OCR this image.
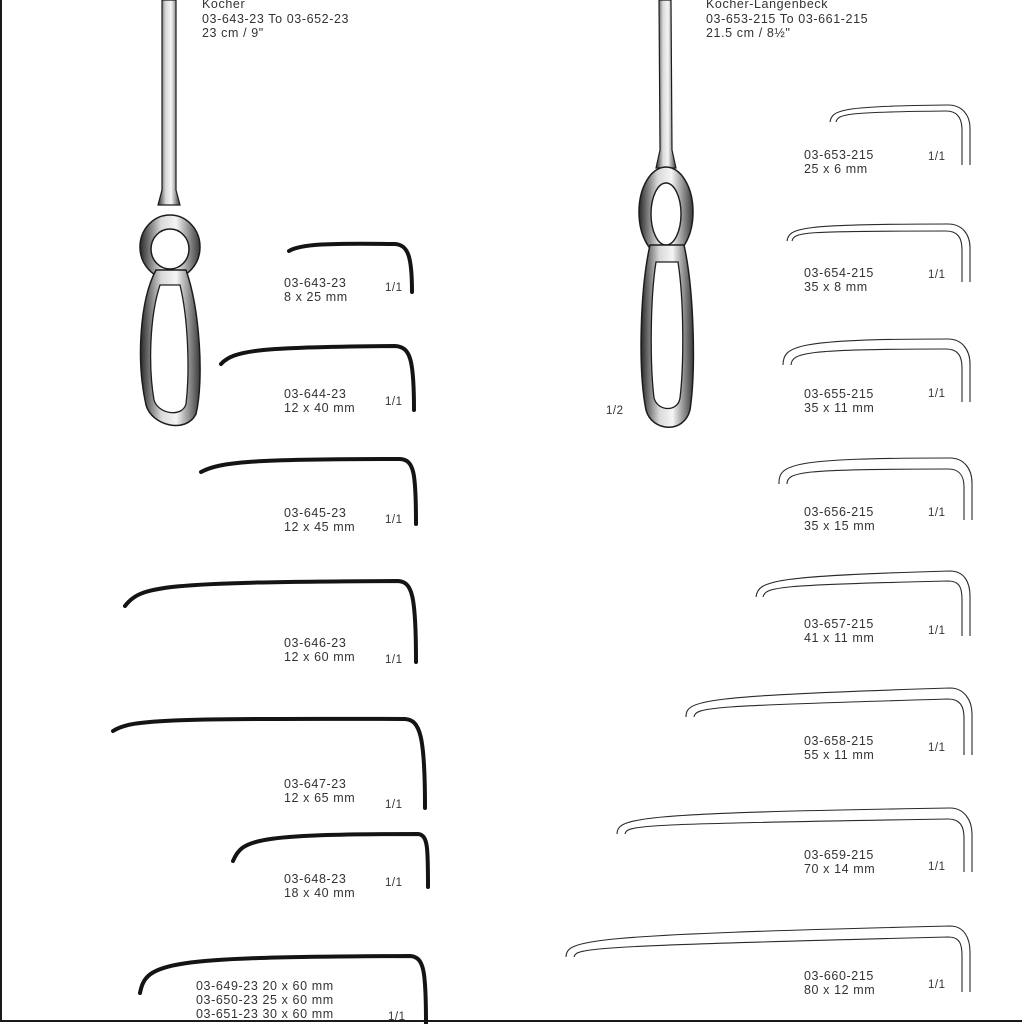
Kocher
03-643-23 To 03-652-23
23 cm / 9"
Kocher-Langenbeck
03-653-215 To 03-661-215
21.5 cm / 8½"
1/2
03-643-23
8 x 25 mm
1/1
03-644-23
12 x 40 mm	1/1
03-645-23
12 x 45 mm	1/1
03-646-23
12 x 60 mm	1/1
03-647-23
12 x 65 mm	1/1
03-648-23
18 x 40 mm
1/1
03-649-23 20 x 60 mm
03-650-23 25 x 60 mm
03-651-23 30 x 60 mm	1/1
03-653-215
25 x 6 mm
1/1
03-654-215
35 x 8 mm
1/1
03-655-215
35 x 11 mm
1/1
03-656-215
35 x 15 mm
1/1
03-657-215
41 x 11 mm	1/1
03-658-215
55 x 11 mm	1/1
03-659-215
70 x 14 mm	1/1
03-660-215
80 x 12 mm	1/1
